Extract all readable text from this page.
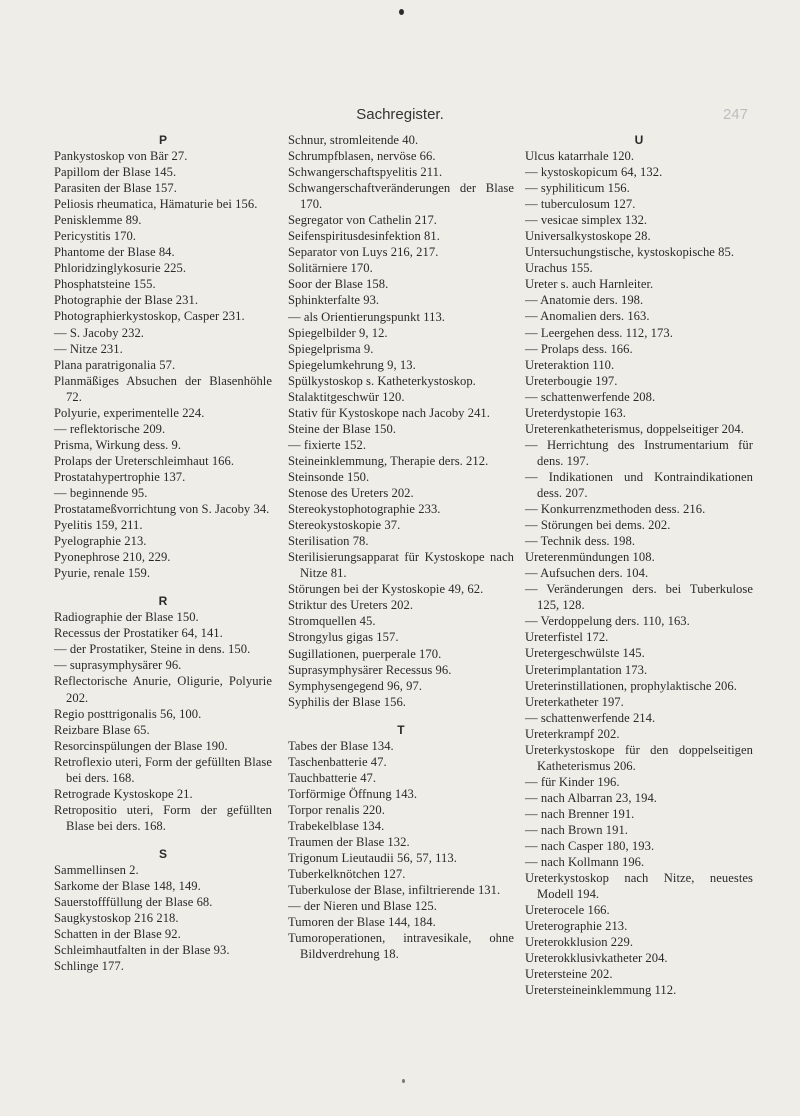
Sachregister.	247
P
Pankystoskop von Bär 27.
Papillom der Blase 145.
Parasiten der Blase 157.
Peliosis rheumatica, Hämaturie bei 156.
Penisklemme 89.
Pericystitis 170.
Phantome der Blase 84.
Phloridzinglykosurie 225.
Phosphatsteine 155.
Photographie der Blase 231.
Photographierkystoskop, Casper 231.
— S. Jacoby 232.
— Nitze 231.
Plana paratrigonalia 57.
Planmäßiges Absuchen der Blasenhöhle 72.
Polyurie, experimentelle 224.
— reflektorische 209.
Prisma, Wirkung dess. 9.
Prolaps der Ureterschleimhaut 166.
Prostatahypertrophie 137.
— beginnende 95.
Prostatameßvorrichtung von S. Jacoby 34.
Pyelitis 159, 211.
Pyelographie 213.
Pyonephrose 210, 229.
Pyurie, renale 159.
R
Radiographie der Blase 150.
Recessus der Prostatiker 64, 141.
— der Prostatiker, Steine in dens. 150.
— suprasymphysärer 96.
Reflectorische Anurie, Oligurie, Polyurie 202.
Regio posttrigonalis 56, 100.
Reizbare Blase 65.
Resorcinspülungen der Blase 190.
Retroflexio uteri, Form der gefüllten Blase bei ders. 168.
Retrograde Kystoskope 21.
Retropositio uteri, Form der gefüllten Blase bei ders. 168.
S
Sammellinsen 2.
Sarkome der Blase 148, 149.
Sauerstofffüllung der Blase 68.
Saugkystoskop 216 218.
Schatten in der Blase 92.
Schleimhautfalten in der Blase 93.
Schlinge 177.
Schnur, stromleitende 40.
Schrumpfblasen, nervöse 66.
Schwangerschaftspyelitis 211.
Schwangerschaftveränderungen der Blase 170.
Segregator von Cathelin 217.
Seifenspiritusdesinfektion 81.
Separator von Luys 216, 217.
Solitärniere 170.
Soor der Blase 158.
Sphinkterfalte 93.
— als Orientierungspunkt 113.
Spiegelbilder 9, 12.
Spiegelprisma 9.
Spiegelumkehrung 9, 13.
Spülkystoskop s. Katheterkystoskop.
Stalaktitgeschwür 120.
Stativ für Kystoskope nach Jacoby 241.
Steine der Blase 150.
— fixierte 152.
Steineinklemmung, Therapie ders. 212.
Steinsonde 150.
Stenose des Ureters 202.
Stereokystophotographie 233.
Stereokystoskopie 37.
Sterilisation 78.
Sterilisierungsapparat für Kystoskope nach Nitze 81.
Störungen bei der Kystoskopie 49, 62.
Striktur des Ureters 202.
Stromquellen 45.
Strongylus gigas 157.
Sugillationen, puerperale 170.
Suprasymphysärer Recessus 96.
Symphysengegend 96, 97.
Syphilis der Blase 156.
T
Tabes der Blase 134.
Taschenbatterie 47.
Tauchbatterie 47.
Torförmige Öffnung 143.
Torpor renalis 220.
Trabekelblase 134.
Traumen der Blase 132.
Trigonum Lieutaudii 56, 57, 113.
Tuberkelknötchen 127.
Tuberkulose der Blase, infiltrierende 131.
— der Nieren und Blase 125.
Tumoren der Blase 144, 184.
Tumoroperationen, intravesikale, ohne Bildverdrehung 18.
U
Ulcus katarrhale 120.
— kystoskopicum 64, 132.
— syphiliticum 156.
— tuberculosum 127.
— vesicae simplex 132.
Universalkystoskope 28.
Untersuchungstische, kystoskopische 85.
Urachus 155.
Ureter s. auch Harnleiter.
— Anatomie ders. 198.
— Anomalien ders. 163.
— Leergehen dess. 112, 173.
— Prolaps dess. 166.
Ureteraktion 110.
Ureterbougie 197.
— schattenwerfende 208.
Ureterdystopie 163.
Ureterenkatheterismus, doppelseitiger 204.
— Herrichtung des Instrumentarium für dens. 197.
— Indikationen und Kontraindikationen dess. 207.
— Konkurrenzmethoden dess. 216.
— Störungen bei dems. 202.
— Technik dess. 198.
Ureterenmündungen 108.
— Aufsuchen ders. 104.
— Veränderungen ders. bei Tuberkulose 125, 128.
— Verdoppelung ders. 110, 163.
Ureterfistel 172.
Uretergeschwülste 145.
Ureterimplantation 173.
Ureterinstillationen, prophylaktische 206.
Ureterkatheter 197.
— schattenwerfende 214.
Ureterkrampf 202.
Ureterkystoskope für den doppelseitigen Katheterismus 206.
— für Kinder 196.
— nach Albarran 23, 194.
— nach Brenner 191.
— nach Brown 191.
— nach Casper 180, 193.
— nach Kollmann 196.
Ureterkystoskop nach Nitze, neuestes Modell 194.
Ureterocele 166.
Ureterographie 213.
Ureterokklusion 229.
Ureterokklusivkatheter 204.
Uretersteine 202.
Uretersteineinklemmung 112.
